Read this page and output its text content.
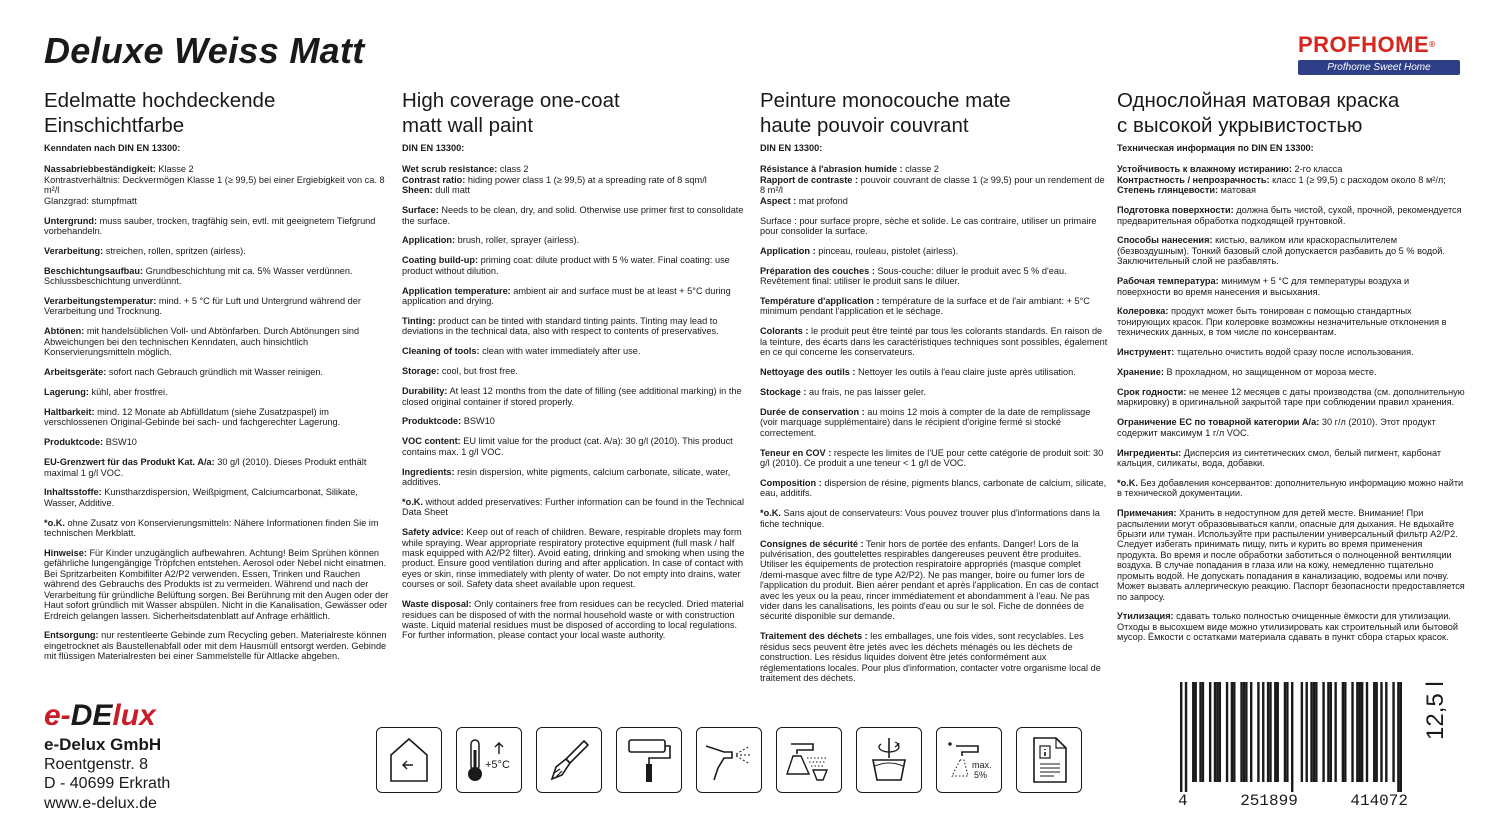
Deluxe Weiss Matt	PROFHOME®
Profhome Sweet Home
Edelmatte hochdeckende
Einschichtfarbe
Kenndaten nach DIN EN 13300:

Nassabriebbeständigkeit: Klasse 2
Kontrastverhältnis: Deckvermögen Klasse 1 (≥ 99,5) bei einer Ergiebigkeit von ca. 8 m²/l
Glanzgrad: stumpfmatt

Untergrund: muss sauber, trocken, tragfähig sein, evtl. mit geeignetem Tiefgrund vorbehandeln.

Verarbeitung: streichen, rollen, spritzen (airless).

Beschichtungsaufbau: Grundbeschichtung mit ca. 5% Wasser verdünnen. Schlussbeschichtung unverdünnt.

Verarbeitungstemperatur: mind. + 5 °C für Luft und Untergrund während der Verarbeitung und Trocknung.

Abtönen: mit handelsüblichen Voll- und Abtönfarben. Durch Abtönungen sind Abweichungen bei den technischen Kenndaten, auch hinsichtlich Konservierungsmitteln möglich.

Arbeitsgeräte: sofort nach Gebrauch gründlich mit Wasser reinigen.

Lagerung: kühl, aber frostfrei.

Haltbarkeit: mind. 12 Monate ab Abfülldatum (siehe Zusatzpaspel) im verschlossenen Original-Gebinde bei sach- und fachgerechter Lagerung.

Produktcode: BSW10

EU-Grenzwert für das Produkt Kat. A/a: 30 g/l (2010). Dieses Produkt enthält maximal 1 g/l VOC.

Inhaltsstoffe: Kunstharzdispersion, Weißpigment, Calciumcarbonat, Silikate, Wasser, Additive.

*o.K. ohne Zusatz von Konservierungsmitteln: Nähere Informationen finden Sie im technischen Merkblatt.

Hinweise: Für Kinder unzugänglich aufbewahren. Achtung! Beim Sprühen können gefährliche lungengängige Tröpfchen entstehen. Aerosol oder Nebel nicht einatmen. Bei Spritzarbeiten Kombifilter A2/P2 verwenden. Essen, Trinken und Rauchen während des Gebrauchs des Produkts ist zu vermeiden. Während und nach der Verarbeitung für gründliche Belüftung sorgen. Bei Berührung mit den Augen oder der Haut sofort gründlich mit Wasser abspülen. Nicht in die Kanalisation, Gewässer oder Erdreich gelangen lassen. Sicherheitsdatenblatt auf Anfrage erhältlich.

Entsorgung: nur restentleerte Gebinde zum Recycling geben. Materialreste können eingetrocknet als Baustellenabfall oder mit dem Hausmüll entsorgt werden. Gebinde mit flüssigen Materialresten bei einer Sammelstelle für Altlacke abgeben.

High coverage one-coat
matt wall paint
DIN EN 13300:

Wet scrub resistance: class 2
Contrast ratio: hiding power class 1 (≥ 99,5) at a spreading rate of 8 sqm/l
Sheen: dull matt

Surface: Needs to be clean, dry, and solid. Otherwise use primer first to consolidate the surface.

Application: brush, roller, sprayer (airless).

Coating build-up: priming coat: dilute product with 5 % water. Final coating: use product without dilution.

Application temperature: ambient air and surface must be at least + 5°C during application and drying.

Tinting: product can be tinted with standard tinting paints. Tinting may lead to deviations in the technical data, also with respect to contents of preservatives.

Cleaning of tools: clean with water immediately after use.

Storage: cool, but frost free.

Durability: At least 12 months from the date of filling (see additional marking) in the closed original container if stored properly.

Produktcode: BSW10

VOC content: EU limit value for the product (cat. A/a): 30 g/l (2010). This product contains max. 1 g/l VOC.

Ingredients: resin dispersion, white pigments, calcium carbonate, silicate, water, additives.

*o.K. without added preservatives: Further information can be found in the Technical Data Sheet

Safety advice: Keep out of reach of children. Beware, respirable droplets may form while spraying. Wear appropriate respiratory protective equipment (full mask / half mask equipped with A2/P2 filter). Avoid eating, drinking and smoking when using the product. Ensure good ventilation during and after application. In case of contact with eyes or skin, rinse immediately with plenty of water. Do not empty into drains, water courses or soil. Safety data sheet available upon request.

Waste disposal: Only containers free from residues can be recycled. Dried material residues can be disposed of with the normal household waste or with construction waste. Liquid material residues must be disposed of according to local regulations. For further information, please contact your local waste authority.

Peinture monocouche mate
haute pouvoir couvrant
DIN EN 13300:

Résistance à l'abrasion humide : classe 2
Rapport de contraste : pouvoir couvrant de classe 1 (≥ 99,5) pour un rendement de 8 m²/l
Aspect : mat profond

Surface : pour surface propre, sèche et solide. Le cas contraire, utiliser un primaire pour consolider la surface.

Application : pinceau, rouleau, pistolet (airless).

Préparation des couches : Sous-couche: diluer le produit avec 5 % d'eau. Revêtement final: utiliser le produit sans le diluer.

Température d'application : température de la surface et de l'air ambiant: + 5°C minimum pendant l'application et le séchage.

Colorants : le produit peut être teinté par tous les colorants standards. En raison de la teinture, des écarts dans les caractéristiques techniques sont possibles, également en ce qui concerne les conservateurs.

Nettoyage des outils : Nettoyer les outils à l'eau claire juste après utilisation.

Stockage : au frais, ne pas laisser geler.

Durée de conservation : au moins 12 mois à compter de la date de remplissage (voir marquage supplémentaire) dans le récipient d'origine fermé si stocké correctement.

Teneur en COV : respecte les limites de l'UE pour cette catégorie de produit soit: 30 g/l (2010). Ce produit a une teneur < 1 g/l de VOC.

Composition : dispersion de résine, pigments blancs, carbonate de calcium, silicate, eau, additifs.

*o.K. Sans ajout de conservateurs: Vous pouvez trouver plus d'informations dans la fiche technique.

Consignes de sécurité : Tenir hors de portée des enfants. Danger! Lors de la pulvérisation, des gouttelettes respirables dangereuses peuvent être produites. Utiliser les équipements de protection respiratoire appropriés (masque complet /demi-masque avec filtre de type A2/P2). Ne pas manger, boire ou fumer lors de l'application du produit. Bien aérer pendant et après l'application. En cas de contact avec les yeux ou la peau, rincer immédiatement et abondamment à l'eau. Ne pas vider dans les canalisations, les points d'eau ou sur le sol. Fiche de données de sécurité disponible sur demande.

Traitement des déchets : les emballages, une fois vides, sont recyclables. Les résidus secs peuvent être jetés avec les déchets ménagés ou les déchets de construction. Les résidus liquides doivent être jetés conformément aux réglementations locales. Pour plus d'information, contacter votre organisme local de traitement des déchets.

Однослойная матовая краска
с высокой укрывистостью
Техническая информация по DIN EN 13300:

Устойчивость к влажному истиранию: 2-го класса
Контрастность / непрозрачность: класс 1 (≥ 99,5) с расходом около 8 м²/л; Степень глянцевости: матовая

Подготовка поверхности: должна быть чистой, сухой, прочной, рекомендуется предварительная обработка подходящей грунтовкой.

Способы нанесения: кистью, валиком или краскораспылителем (безвоздушным). Тонкий базовый слой допускается разбавить до 5 % водой. Заключительный слой не разбавлять.

Рабочая температура: минимум + 5 °C для температуры воздуха и поверхности во время нанесения и высыхания.

Колеровка: продукт может быть тонирован с помощью стандартных тонирующих красок. При колеровке возможны незначительные отклонения в технических данных, в том числе по консервантам.

Инструмент: тщательно очистить водой сразу после использования.

Хранение: В прохладном, но защищенном от мороза месте.

Срок годности: не менее 12 месяцев с даты производства (см. дополнительную маркировку) в оригинальной закрытой таре при соблюдении правил хранения.

Ограничение ЕС по товарной категории A/a: 30 г/л (2010). Этот продукт содержит максимум 1 г/л VOC.

Ингредиенты: Дисперсия из синтетических смол, белый пигмент, карбонат кальция, силикаты, вода, добавки.

*o.K. Без добавления консервантов: дополнительную информацию можно найти в технической документации.

Примечания: Хранить в недоступном для детей месте. Внимание! При распылении могут образовываться капли, опасные для дыхания. Не вдыхайте брызги или туман. Используйте при распылении универсальный фильтр A2/P2. Следует избегать принимать пищу, пить и курить во время применения продукта. Во время и после обработки заботиться о полноценной вентиляции воздуха. В случае попадания в глаза или на кожу, немедленно тщательно промыть водой. Не допускать попадания в канализацию, водоемы или почву. Может вызвать аллергическую реакцию. Паспорт безопасности предоставляется по запросу.

Утилизация: сдавать только полностью очищенные ёмкости для утилизации. Отходы в высохшем виде можно утилизировать как строительный или бытовой мусор. Ёмкости с остатками материала сдавать в пункт сбора старых красок.

e-DElux
e-Delux GmbH
Roentgenstr. 8
D - 40699 Erkrath
www.e-delux.de
+5°C	max.
5%
4	251899	414072
12,5 l
